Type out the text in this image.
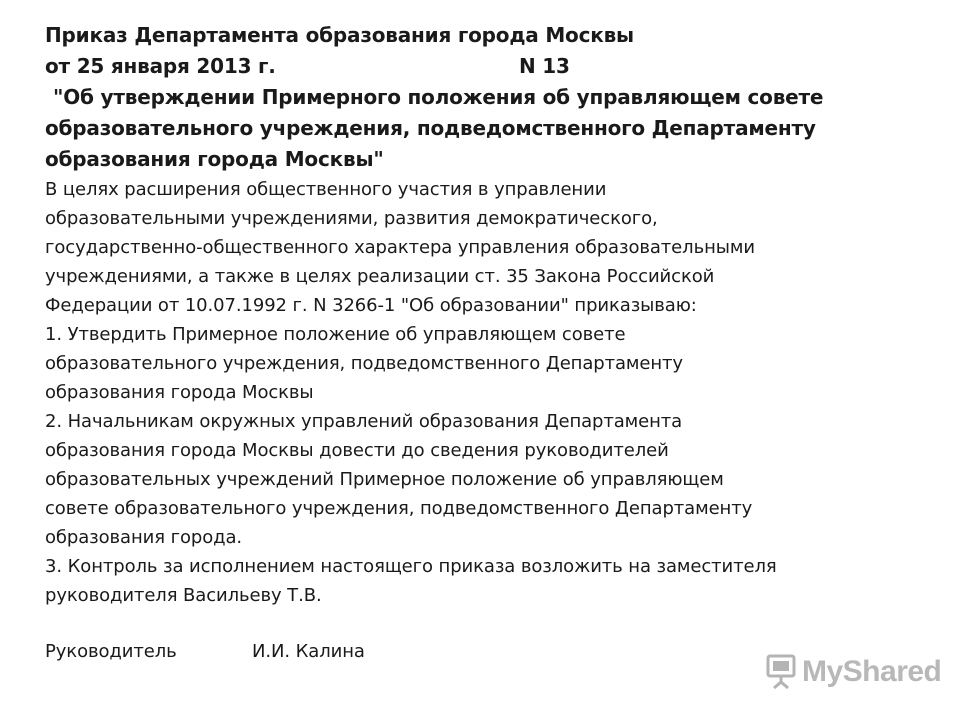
Приказ Департамента образования города Москвы
от 25 января 2013 г.	N 13
"Об утверждении Примерного положения об управляющем совете
образовательного учреждения, подведомственного Департаменту
образования города Москвы"
В целях расширения общественного участия в управлении
образовательными учреждениями, развития демократического,
государственно-общественного характера управления образовательными
учреждениями, а также в целях реализации ст. 35 Закона Российской
Федерации от 10.07.1992 г. N 3266-1 "Об образовании" приказываю:
1. Утвердить Примерное положение об управляющем совете
образовательного учреждения, подведомственного Департаменту
образования города Москвы
2. Начальникам окружных управлений образования Департамента
образования города Москвы довести до сведения руководителей
образовательных учреждений Примерное положение об управляющем
совете образовательного учреждения, подведомственного Департаменту
образования города.
3. Контроль за исполнением настоящего приказа возложить на заместителя
руководителя Васильеву Т.В.
Руководитель	И.И. Калина
MyShared
